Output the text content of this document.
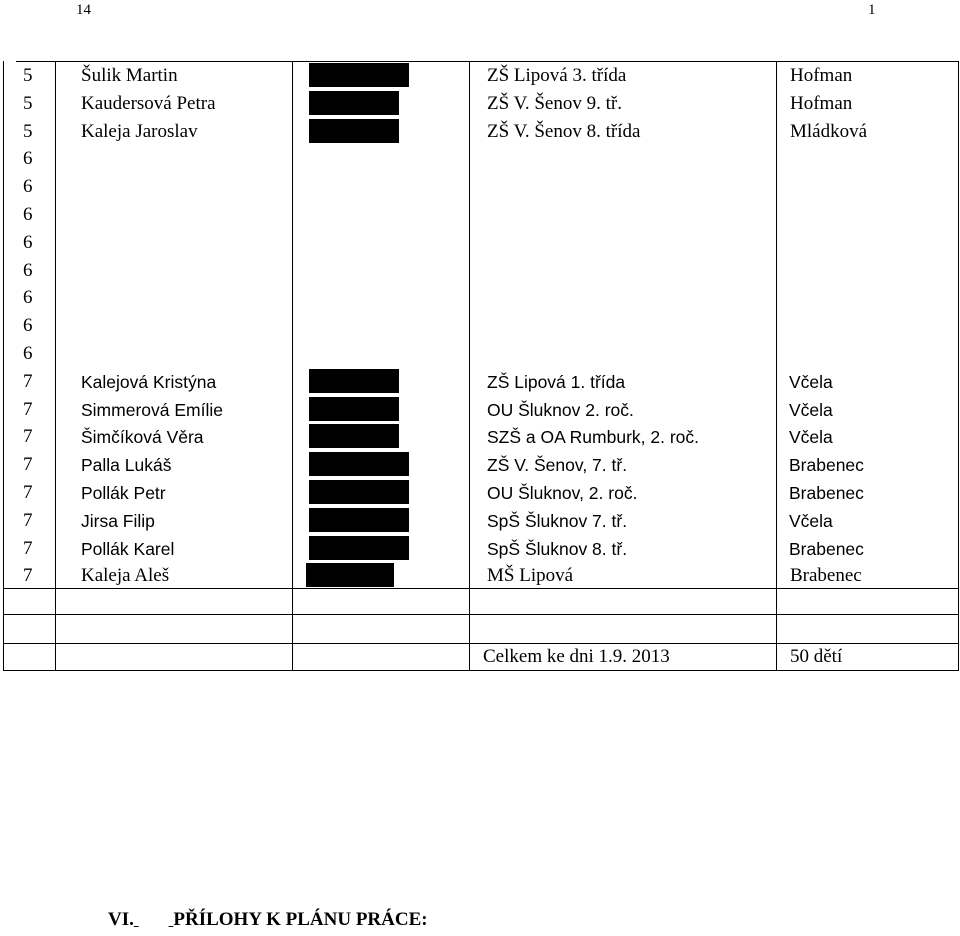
14	1
5	Šulik Martin	ZŠ Lipová 3. třída	Hofman
5	Kaudersová Petra	ZŠ V. Šenov 9. tř.	Hofman
5	Kaleja Jaroslav	ZŠ V. Šenov 8. třída	Mládková
6
6
6
6
6
6
6
6
7	Kalejová Kristýna	ZŠ Lipová 1. třída	Včela
7	Simmerová Emílie	OU Šluknov 2. roč.	Včela
7	Šimčíková Věra	SZŠ a OA Rumburk, 2. roč.	Včela
7	Palla Lukáš	ZŠ V. Šenov, 7. tř.	Brabenec
7	Pollák Petr	OU Šluknov, 2. roč.	Brabenec
7	Jirsa Filip	SpŠ Šluknov 7. tř.	Včela
7	Pollák Karel	SpŠ Šluknov 8. tř.	Brabenec
7	Kaleja Aleš	MŠ Lipová	Brabenec
Celkem ke dni 1.9. 2013	50 dětí
VI. PŘÍLOHY K PLÁNU PRÁCE:
